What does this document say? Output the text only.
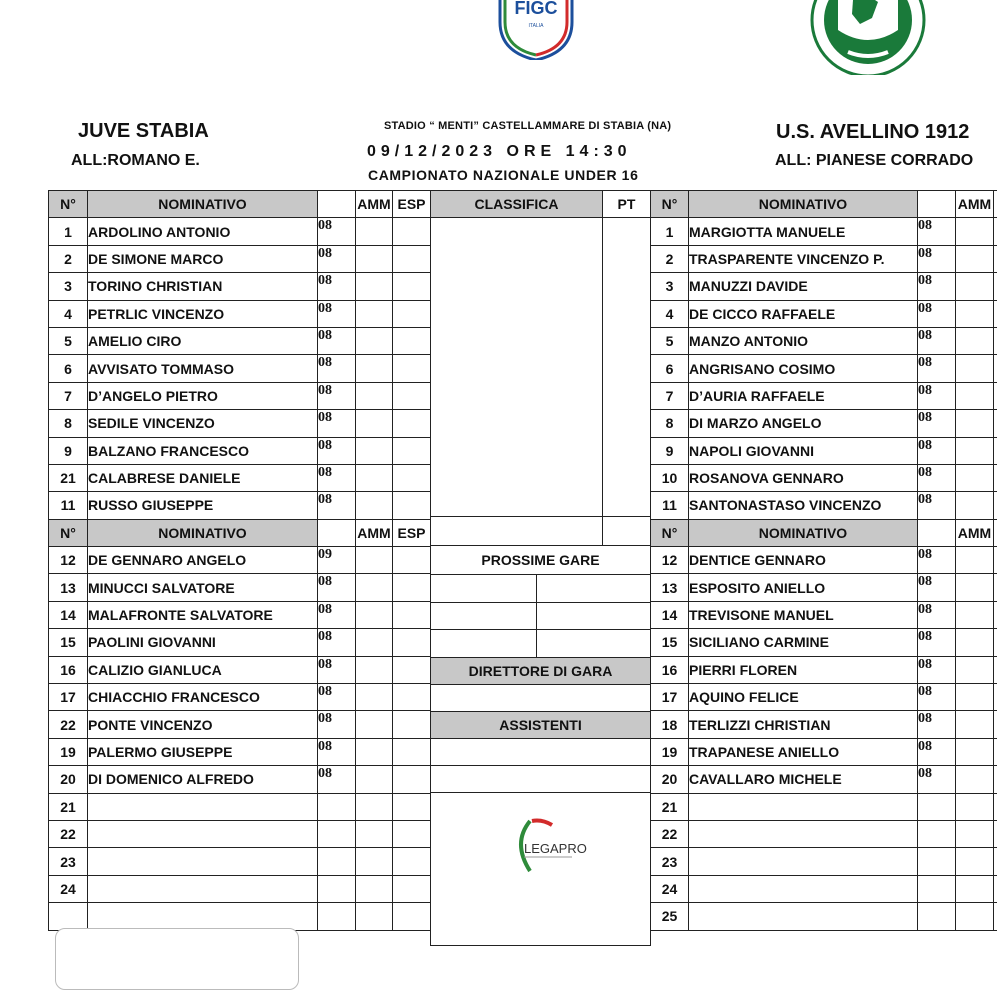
FIGC
ITALIA
JUVE STABIA
ALL:ROMANO E.
STADIO “ MENTI” CASTELLAMMARE DI STABIA (NA)
09/12/2023 ORE 14:30
CAMPIONATO NAZIONALE UNDER 16
U.S. AVELLINO 1912
ALL: PIANESE CORRADO
N°	NOMINATIVO		AMM	ESP
1	ARDOLINO ANTONIO	08		
2	DE SIMONE MARCO	08		
3	TORINO CHRISTIAN	08		
4	PETRLIC VINCENZO	08		
5	AMELIO CIRO	08		
6	AVVISATO TOMMASO	08		
7	D’ANGELO PIETRO	08		
8	SEDILE VINCENZO	08		
9	BALZANO FRANCESCO	08		
21	CALABRESE DANIELE	08		
11	RUSSO GIUSEPPE	08		
N°	NOMINATIVO		AMM	ESP
12	DE GENNARO ANGELO	09		
13	MINUCCI SALVATORE	08		
14	MALAFRONTE SALVATORE	08		
15	PAOLINI GIOVANNI	08		
16	CALIZIO GIANLUCA	08		
17	CHIACCHIO FRANCESCO	08		
22	PONTE VINCENZO	08		
19	PALERMO GIUSEPPE	08		
20	DI DOMENICO ALFREDO	08		
21				
22				
23				
24				

CLASSIFICA		PT

PROSSIME GARE		

DIRETTORE DI GARA		

ASSISTENTI		

LEGAPRO
N°	NOMINATIVO		AMM	
1	MARGIOTTA MANUELE	08		
2	TRASPARENTE VINCENZO P.	08		
3	MANUZZI DAVIDE	08		
4	DE CICCO RAFFAELE	08		
5	MANZO ANTONIO	08		
6	ANGRISANO COSIMO	08		
7	D’AURIA RAFFAELE	08		
8	DI MARZO ANGELO	08		
9	NAPOLI GIOVANNI	08		
10	ROSANOVA GENNARO	08		
11	SANTONASTASO VINCENZO	08		
N°	NOMINATIVO		AMM	
12	DENTICE GENNARO	08		
13	ESPOSITO ANIELLO	08		
14	TREVISONE MANUEL	08		
15	SICILIANO CARMINE	08		
16	PIERRI FLOREN	08		
17	AQUINO FELICE	08		
18	TERLIZZI CHRISTIAN	08		
19	TRAPANESE ANIELLO	08		
20	CAVALLARO MICHELE	08		
21				
22				
23				
24				
25				
